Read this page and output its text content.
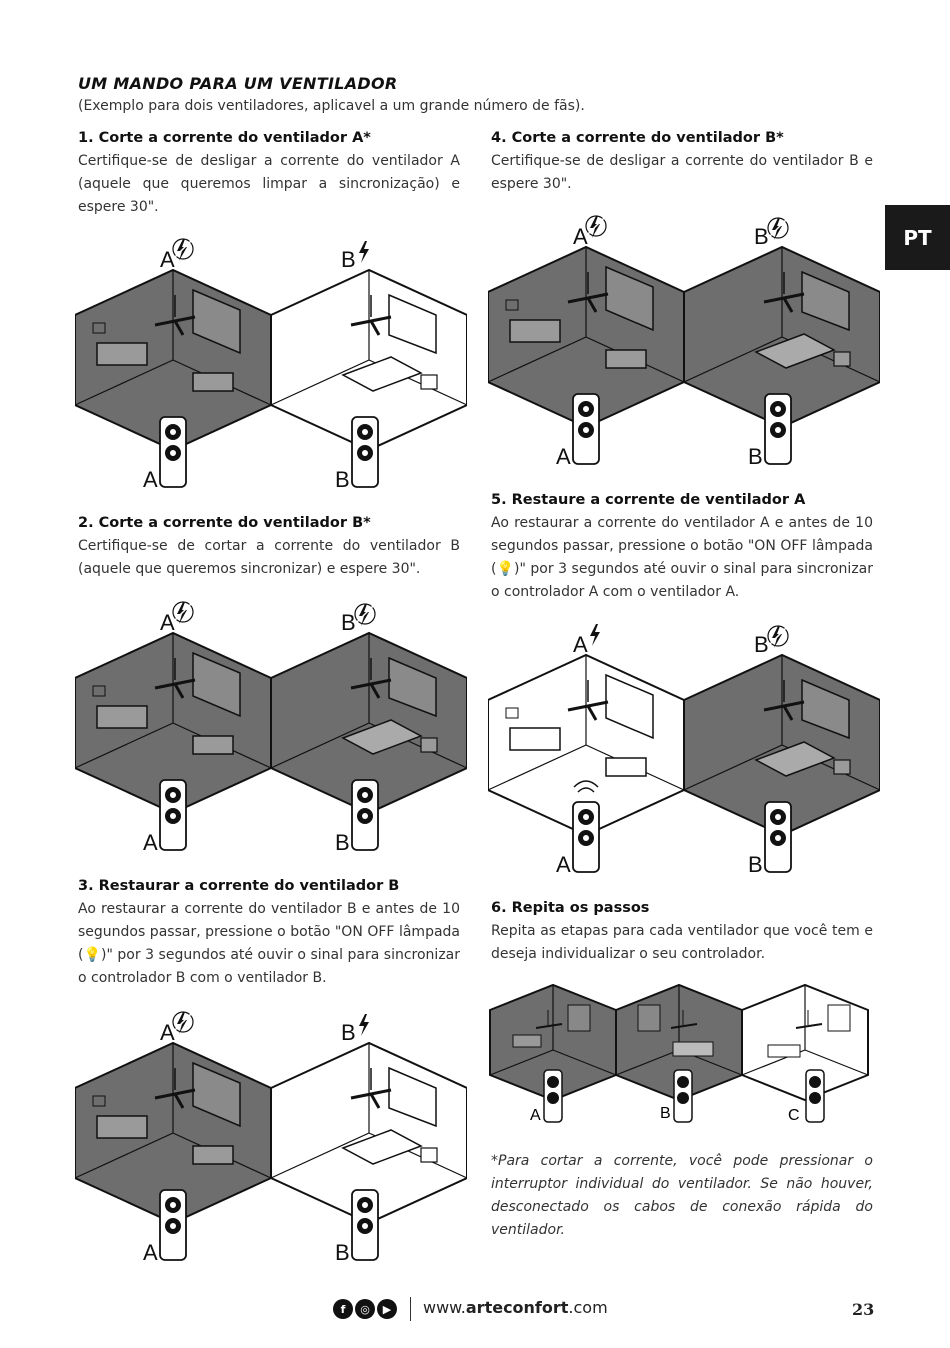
UM MANDO PARA UM VENTILADOR
(Exemplo para dois ventiladores, aplicavel a um grande número de fãs).
PT
1. Corte a corrente do ventilador A*

Certifique-se de desligar a corrente do ventilador A (aquele que queremos limpar a sincronização) e espere 30".

2. Corte a corrente do ventilador B*

Certifique-se de cortar a corrente do ventilador B (aquele que queremos sincronizar) e espere 30".

3. Restaurar a corrente do ventilador B

Ao restaurar a corrente do ventilador B e antes de 10 segundos passar, pressione o botão "ON OFF lâmpada (💡)" por 3 segundos até ouvir o sinal para sincronizar o controlador B com o ventilador B.

4. Corte a corrente do ventilador B*

Certifique-se de desligar a corrente do ventilador B e espere 30".

5. Restaure a corrente de ventilador A

Ao restaurar a corrente do ventilador A e antes de 10 segundos passar, pressione o botão "ON OFF lâmpada (💡)" por 3 segundos até ouvir o sinal para sincronizar o controlador A com o ventilador A.

6. Repita os passos

Repita as etapas para cada ventilador que você tem e deseja individualizar o seu controlador.

A	B
A	B
A	B
A	B
A	B
A	B
A	B
A	B
A	B
A	B
A	B	C
*Para cortar a corrente, você pode pressionar o interruptor individual do ventilador. Se não houver, desconectado os cabos de conexão rápida do ventilador.
f	◎	▶	www.arteconfort.com	23
